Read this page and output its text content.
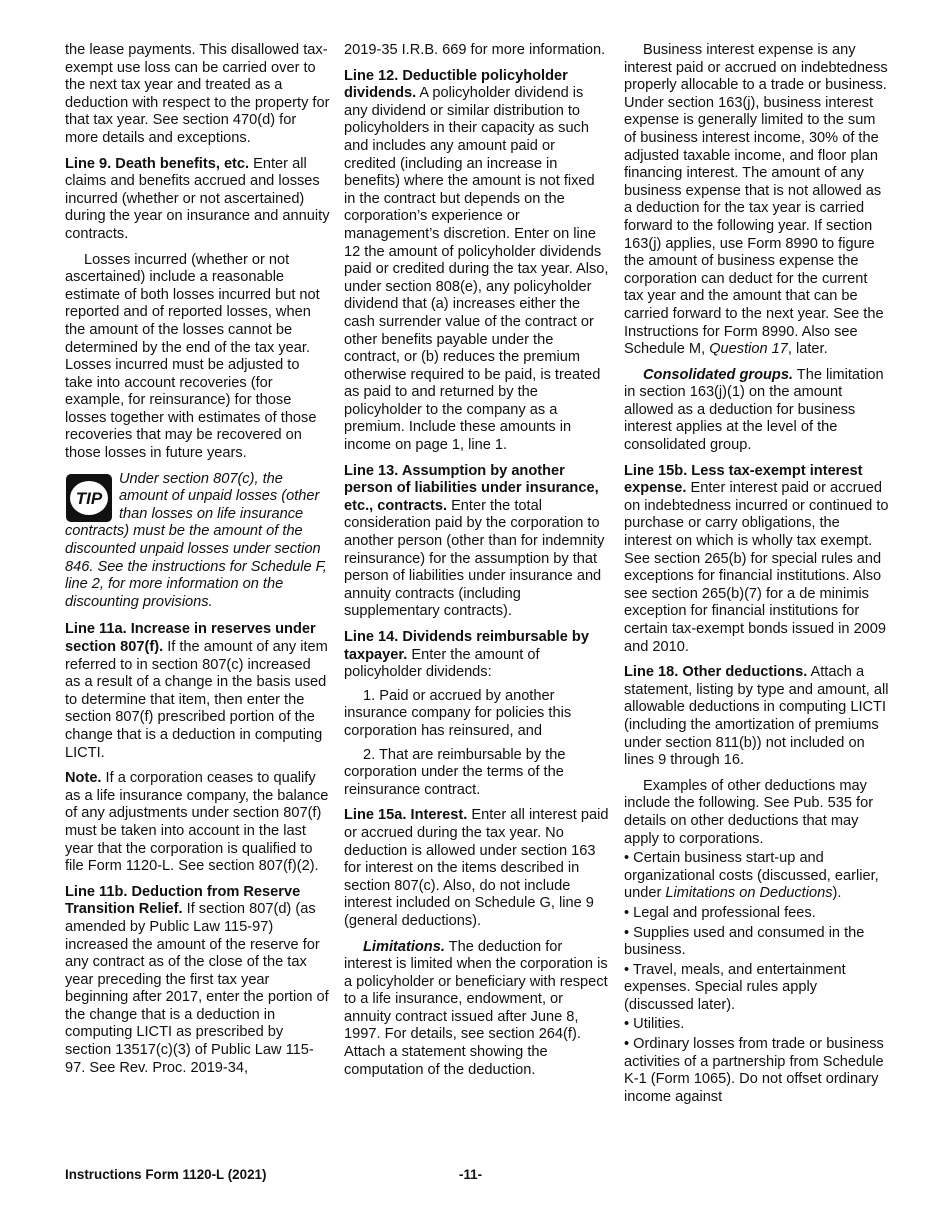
the lease payments. This disallowed tax-exempt use loss can be carried over to the next tax year and treated as a deduction with respect to the property for that tax year. See section 470(d) for more details and exceptions.

Line 9. Death benefits, etc. Enter all claims and benefits accrued and losses incurred (whether or not ascertained) during the year on insurance and annuity contracts.

Losses incurred (whether or not ascertained) include a reasonable estimate of both losses incurred but not reported and of reported losses, when the amount of the losses cannot be determined by the end of the tax year. Losses incurred must be adjusted to take into account recoveries (for example, for reinsurance) for those losses together with estimates of those recoveries that may be recovered on those losses in future years.

TIP
Under section 807(c), the amount of unpaid losses (other than losses on life insurance contracts) must be the amount of the discounted unpaid losses under section 846. See the instructions for Schedule F, line 2, for more information on the discounting provisions.

Line 11a. Increase in reserves under section 807(f). If the amount of any item referred to in section 807(c) increased as a result of a change in the basis used to determine that item, then enter the section 807(f) prescribed portion of the change that is a deduction in computing LICTI.

Note. If a corporation ceases to qualify as a life insurance company, the balance of any adjustments under section 807(f) must be taken into account in the last year that the corporation is qualified to file Form 1120-L. See section 807(f)(2).

Line 11b. Deduction from Reserve Transition Relief. If section 807(d) (as amended by Public Law 115-97) increased the amount of the reserve for any contract as of the close of the tax year preceding the first tax year beginning after 2017, enter the portion of the change that is a deduction in computing LICTI as prescribed by section 13517(c)(3) of Public Law 115-97. See Rev. Proc. 2019-34,

2019-35 I.R.B. 669 for more information.

Line 12. Deductible policyholder dividends. A policyholder dividend is any dividend or similar distribution to policyholders in their capacity as such and includes any amount paid or credited (including an increase in benefits) where the amount is not fixed in the contract but depends on the corporation’s experience or management’s discretion. Enter on line 12 the amount of policyholder dividends paid or credited during the tax year. Also, under section 808(e), any policyholder dividend that (a) increases either the cash surrender value of the contract or other benefits payable under the contract, or (b) reduces the premium otherwise required to be paid, is treated as paid to and returned by the policyholder to the company as a premium. Include these amounts in income on page 1, line 1.

Line 13. Assumption by another person of liabilities under insurance, etc., contracts. Enter the total consideration paid by the corporation to another person (other than for indemnity reinsurance) for the assumption by that person of liabilities under insurance and annuity contracts (including supplementary contracts).

Line 14. Dividends reimbursable by taxpayer. Enter the amount of policyholder dividends:

1. Paid or accrued by another insurance company for policies this corporation has reinsured, and

2. That are reimbursable by the corporation under the terms of the reinsurance contract.

Line 15a. Interest. Enter all interest paid or accrued during the tax year. No deduction is allowed under section 163 for interest on the items described in section 807(c). Also, do not include interest included on Schedule G, line 9 (general deductions).

Limitations. The deduction for interest is limited when the corporation is a policyholder or beneficiary with respect to a life insurance, endowment, or annuity contract issued after June 8, 1997. For details, see section 264(f). Attach a statement showing the computation of the deduction.

Business interest expense is any interest paid or accrued on indebtedness properly allocable to a trade or business. Under section 163(j), business interest expense is generally limited to the sum of business interest income, 30% of the adjusted taxable income, and floor plan financing interest. The amount of any business expense that is not allowed as a deduction for the tax year is carried forward to the following year. If section 163(j) applies, use Form 8990 to figure the amount of business expense the corporation can deduct for the current tax year and the amount that can be carried forward to the next year. See the Instructions for Form 8990. Also see Schedule M, Question 17, later.

Consolidated groups. The limitation in section 163(j)(1) on the amount allowed as a deduction for business interest applies at the level of the consolidated group.

Line 15b. Less tax-exempt interest expense. Enter interest paid or accrued on indebtedness incurred or continued to purchase or carry obligations, the interest on which is wholly tax exempt. See section 265(b) for special rules and exceptions for financial institutions. Also see section 265(b)(7) for a de minimis exception for financial institutions for certain tax-exempt bonds issued in 2009 and 2010.

Line 18. Other deductions. Attach a statement, listing by type and amount, all allowable deductions in computing LICTI (including the amortization of premiums under section 811(b)) not included on lines 9 through 16.

Examples of other deductions may include the following. See Pub. 535 for details on other deductions that may apply to corporations.

• Certain business start-up and organizational costs (discussed, earlier, under Limitations on Deductions).

• Legal and professional fees.

• Supplies used and consumed in the business.

• Travel, meals, and entertainment expenses. Special rules apply (discussed later).

• Utilities.

• Ordinary losses from trade or business activities of a partnership from Schedule K-1 (Form 1065). Do not offset ordinary income against

Instructions Form 1120-L (2021)	-11-
